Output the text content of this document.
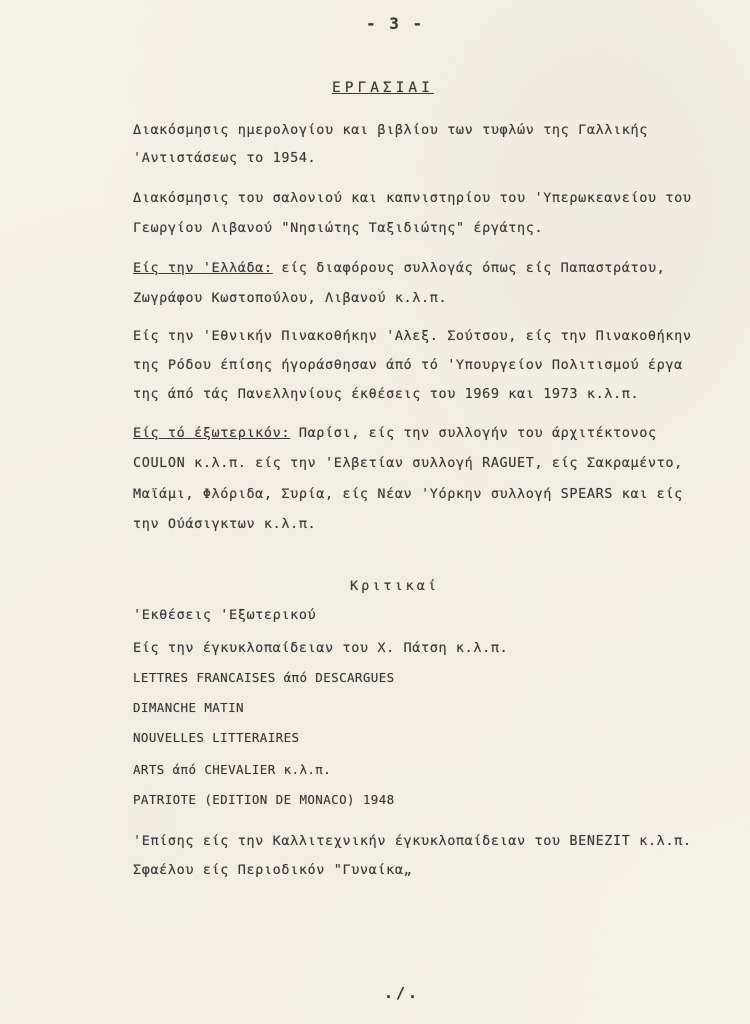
- 3 -
ΕΡΓΑΣΙΑΙ
Διακόσμησις ημερολογίου και βιβλίου των τυφλών της Γαλλικής
'Αντιστάσεως το 1954.
Διακόσμησις του σαλονιού και καπνιστηρίου του 'Υπερωκεανείου του
Γεωργίου Λιβανού "Νησιώτης Ταξιδιώτης" έργάτης.
Είς την 'Ελλάδα: είς διαφόρους συλλογάς όπως είς Παπαστράτου,
Ζωγράφου Κωστοπούλου, Λιβανού κ.λ.π.
Είς την 'Εθνικήν Πινακοθήκην 'Αλεξ. Σούτσου, είς την Πινακοθήκην
της Ρόδου έπίσης ήγοράσθησαν άπό τό 'Υπουργείον Πολιτισμού έργα
της άπό τάς Πανελληνίους έκθέσεις του 1969 και 1973 κ.λ.π.
Είς τό έξωτερικόν: Παρίσι, είς την συλλογήν του άρχιτέκτονος
COULON κ.λ.π. είς την 'Ελβετίαν συλλογή RAGUET, είς Σακραμέντο,
Μαϊάμι, Φλόριδα, Συρία, είς Νέαν 'Υόρκην συλλογή SPEARS και είς
την Ούάσιγκτων κ.λ.π.
Κριτικαί
'Εκθέσεις 'Εξωτερικού
Είς την έγκυκλοπαίδειαν του Χ. Πάτση κ.λ.π.
LETTRES FRANCAISES άπό DESCARGUES
DIMANCHE MATIN
NOUVELLES LITTERAIRES
ARTS άπό CHEVALIER κ.λ.π.
PATRIOTE (EDITION DE MONACO) 1948
'Επίσης είς την Καλλιτεχνικήν έγκυκλοπαίδειαν του BENEZIT κ.λ.π.
Σφαέλου είς Περιοδικόν "Γυναίκα„
./.
